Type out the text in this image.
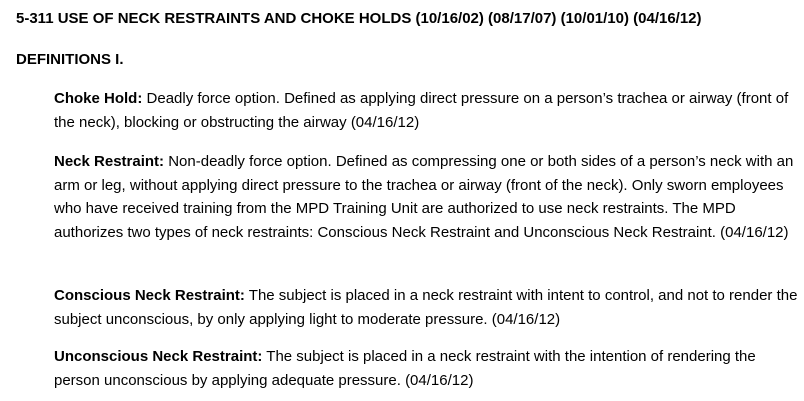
5-311 USE OF NECK RESTRAINTS AND CHOKE HOLDS (10/16/02) (08/17/07) (10/01/10) (04/16/12)
DEFINITIONS I.

Choke Hold: Deadly force option. Defined as applying direct pressure on a person’s trachea or airway (front of the neck), blocking or obstructing the airway (04/16/12)

Neck Restraint: Non-deadly force option. Defined as compressing one or both sides of a person’s neck with an arm or leg, without applying direct pressure to the trachea or airway (front of the neck). Only sworn employees who have received training from the MPD Training Unit are authorized to use neck restraints. The MPD authorizes two types of neck restraints: Conscious Neck Restraint and Unconscious Neck Restraint. (04/16/12)

Conscious Neck Restraint: The subject is placed in a neck restraint with intent to control, and not to render the subject unconscious, by only applying light to moderate pressure. (04/16/12)

Unconscious Neck Restraint: The subject is placed in a neck restraint with the intention of rendering the person unconscious by applying adequate pressure. (04/16/12)
